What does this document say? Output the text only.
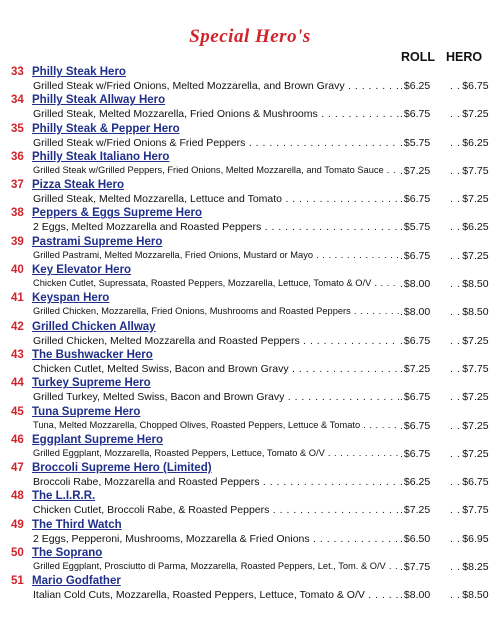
Special Hero's
ROLL HERO
33 Philly Steak Hero
Grilled Steak w/Fried Onions, Melted Mozzarella, and Brown Gravy . . .	. $6.25	. . $6.75
34 Philly Steak Allway Hero
Grilled Steak, Melted Mozzarella, Fried Onions & Mushrooms . . .	. $6.75	. . $7.25
35 Philly Steak & Pepper Hero
Grilled Steak w/Fried Onions & Fried Peppers . . .	. $5.75	. . $6.25
36 Philly Steak Italiano Hero
Grilled Steak w/Grilled Peppers, Fried Onions, Melted Mozzarella, and Tomato Sauce . . .	. $7.25	. . $7.75
37 Pizza Steak Hero
Grilled Steak, Melted Mozzarella, Lettuce and Tomato . . .	. $6.75	. . $7.25
38 Peppers & Eggs Supreme Hero
2 Eggs, Melted Mozzarella and Roasted Peppers . . .	. $5.75	. . $6.25
39 Pastrami Supreme Hero
Grilled Pastrami, Melted Mozzarella, Fried Onions, Mustard or Mayo . . .	. $6.75	. . $7.25
40 Key Elevator Hero
Chicken Cutlet, Supressata, Roasted Peppers, Mozzarella, Lettuce, Tomato & O/V . . .	. $8.00	. . $8.50
41 Keyspan Hero
Grilled Chicken, Mozzarella, Fried Onions, Mushrooms and Roasted Peppers . . .	. $8.00	. . $8.50
42 Grilled Chicken Allway
Grilled Chicken, Melted Mozzarella and Roasted Peppers . . .	. $6.75	. . $7.25
43 The Bushwacker Hero
Chicken Cutlet, Melted Swiss, Bacon and Brown Gravy . . .	. $7.25	. . $7.75
44 Turkey Supreme Hero
Grilled Turkey, Melted Swiss, Bacon and Brown Gravy . . .	. $6.75	. . $7.25
45 Tuna Supreme Hero
Tuna, Melted Mozzarella, Chopped Olives, Roasted Peppers, Lettuce & Tomato . . .	. $6.75	. . $7.25
46 Eggplant Supreme Hero
Grilled Eggplant, Mozzarella, Roasted Peppers, Lettuce, Tomato & O/V . . .	. $6.75	. . $7.25
47 Broccoli Supreme Hero (Limited)
Broccoli Rabe, Mozzarella and Roasted Peppers . . .	. $6.25	. . $6.75
48 The L.I.R.R.
Chicken Cutlet, Broccoli Rabe, & Roasted Peppers . . .	. $7.25	. . $7.75
49 The Third Watch
2 Eggs, Pepperoni, Mushrooms, Mozzarella & Fried Onions . . .	. $6.50	. . $6.95
50 The Soprano
Grilled Eggplant, Prosciutto di Parma, Mozzarella, Roasted Peppers, Let., Tom. & O/V . . .	. $7.75	. . $8.25
51 Mario Godfather
Italian Cold Cuts, Mozzarella, Roasted Peppers, Lettuce, Tomato & O/V . . .	. $8.00	. . $8.50
